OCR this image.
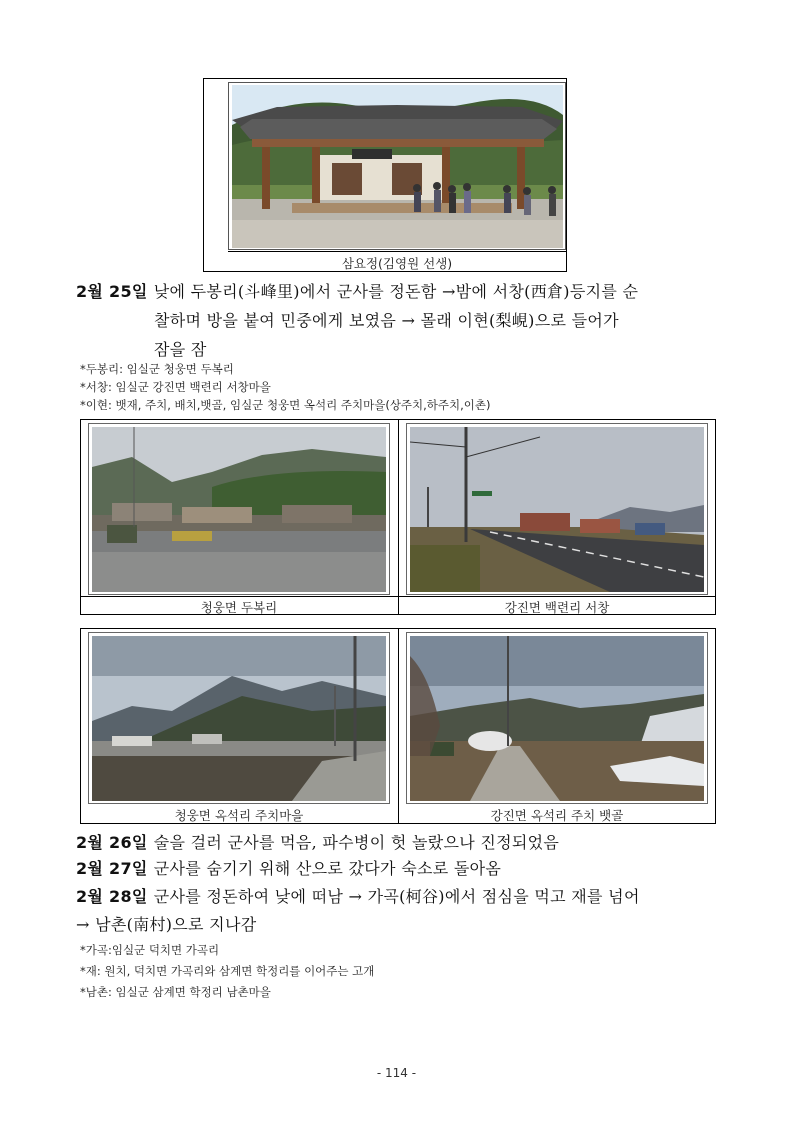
삼요정(김영원 선생)
2월 25일 낮에 두봉리(斗峰里)에서 군사를 정돈함 →밤에 서창(西倉)등지를 순
찰하며 방을 붙여 민중에게 보였음 → 몰래 이현(梨峴)으로 들어가
잠을 잠
*두봉리: 임실군 청웅면 두복리
*서창: 임실군 강진면 백련리 서창마을
*이현: 뱃재, 주치, 배치,뱃골, 임실군 청웅면 옥석리 주치마을(상주치,하주치,이촌)
청웅면 두복리	강진면 백련리 서창
청웅면 옥석리 주치마을	강진면 옥석리 주치 뱃골
2월 26일 술을 걸러 군사를 먹음, 파수병이 헛 놀랐으나 진정되었음
2월 27일 군사를 숨기기 위해 산으로 갔다가 숙소로 돌아옴
2월 28일 군사를 정돈하여 낮에 떠남 → 가곡(柯谷)에서 점심을 먹고 재를 넘어
→ 남촌(南村)으로 지나감
*가곡:임실군 덕치면 가곡리
*재: 원치, 덕치면 가곡리와 삼계면 학정리를 이어주는 고개
*남촌: 임실군 삼계면 학정리 남촌마을
- 114 -
